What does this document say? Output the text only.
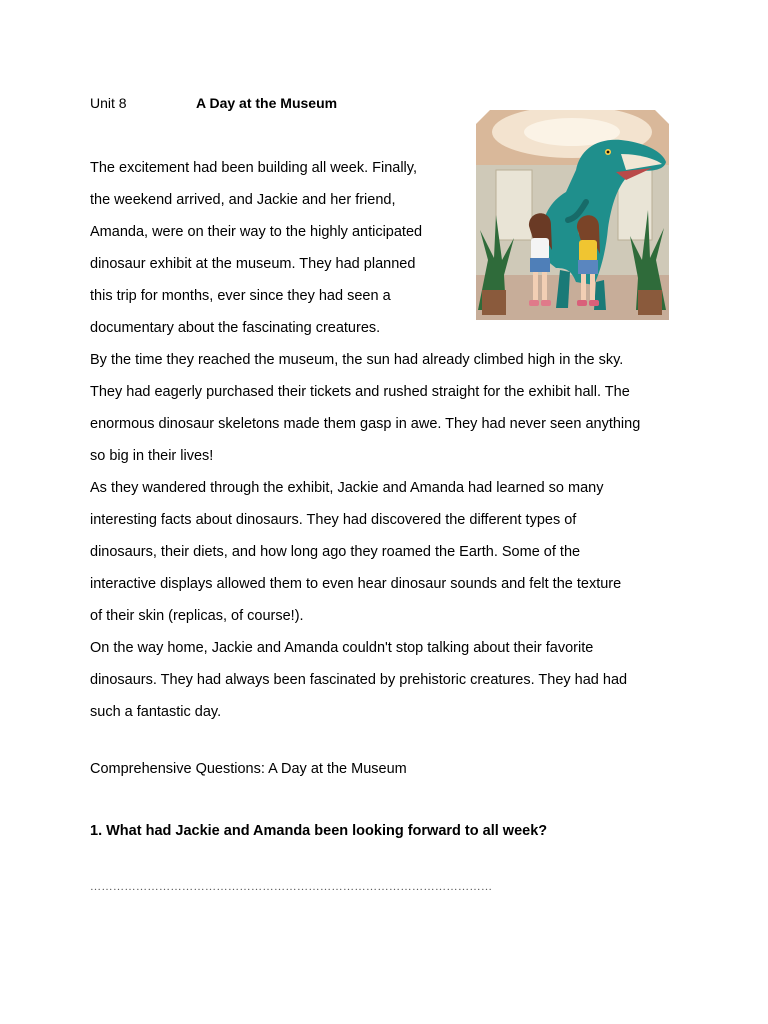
Unit 8	A Day at the Museum
The excitement had been building all week. Finally,
the weekend arrived, and Jackie and her friend,
Amanda, were on their way to the highly anticipated
dinosaur exhibit at the museum. They had planned
this trip for months, ever since they had seen a
documentary about the fascinating creatures.
By the time they reached the museum, the sun had already climbed high in the sky.
They had eagerly purchased their tickets and rushed straight for the exhibit hall. The
enormous dinosaur skeletons made them gasp in awe. They had never seen anything
so big in their lives!
As they wandered through the exhibit, Jackie and Amanda had learned so many
interesting facts about dinosaurs. They had discovered the different types of
dinosaurs, their diets, and how long ago they roamed the Earth. Some of the
interactive displays allowed them to even hear dinosaur sounds and felt the texture
of their skin (replicas, of course!).
On the way home, Jackie and Amanda couldn't stop talking about their favorite
dinosaurs. They had always been fascinated by prehistoric creatures. They had had
such a fantastic day.
Comprehensive Questions: A Day at the Museum
1. What had Jackie and Amanda been looking forward to all week?
……………………………………………………………………………………………
